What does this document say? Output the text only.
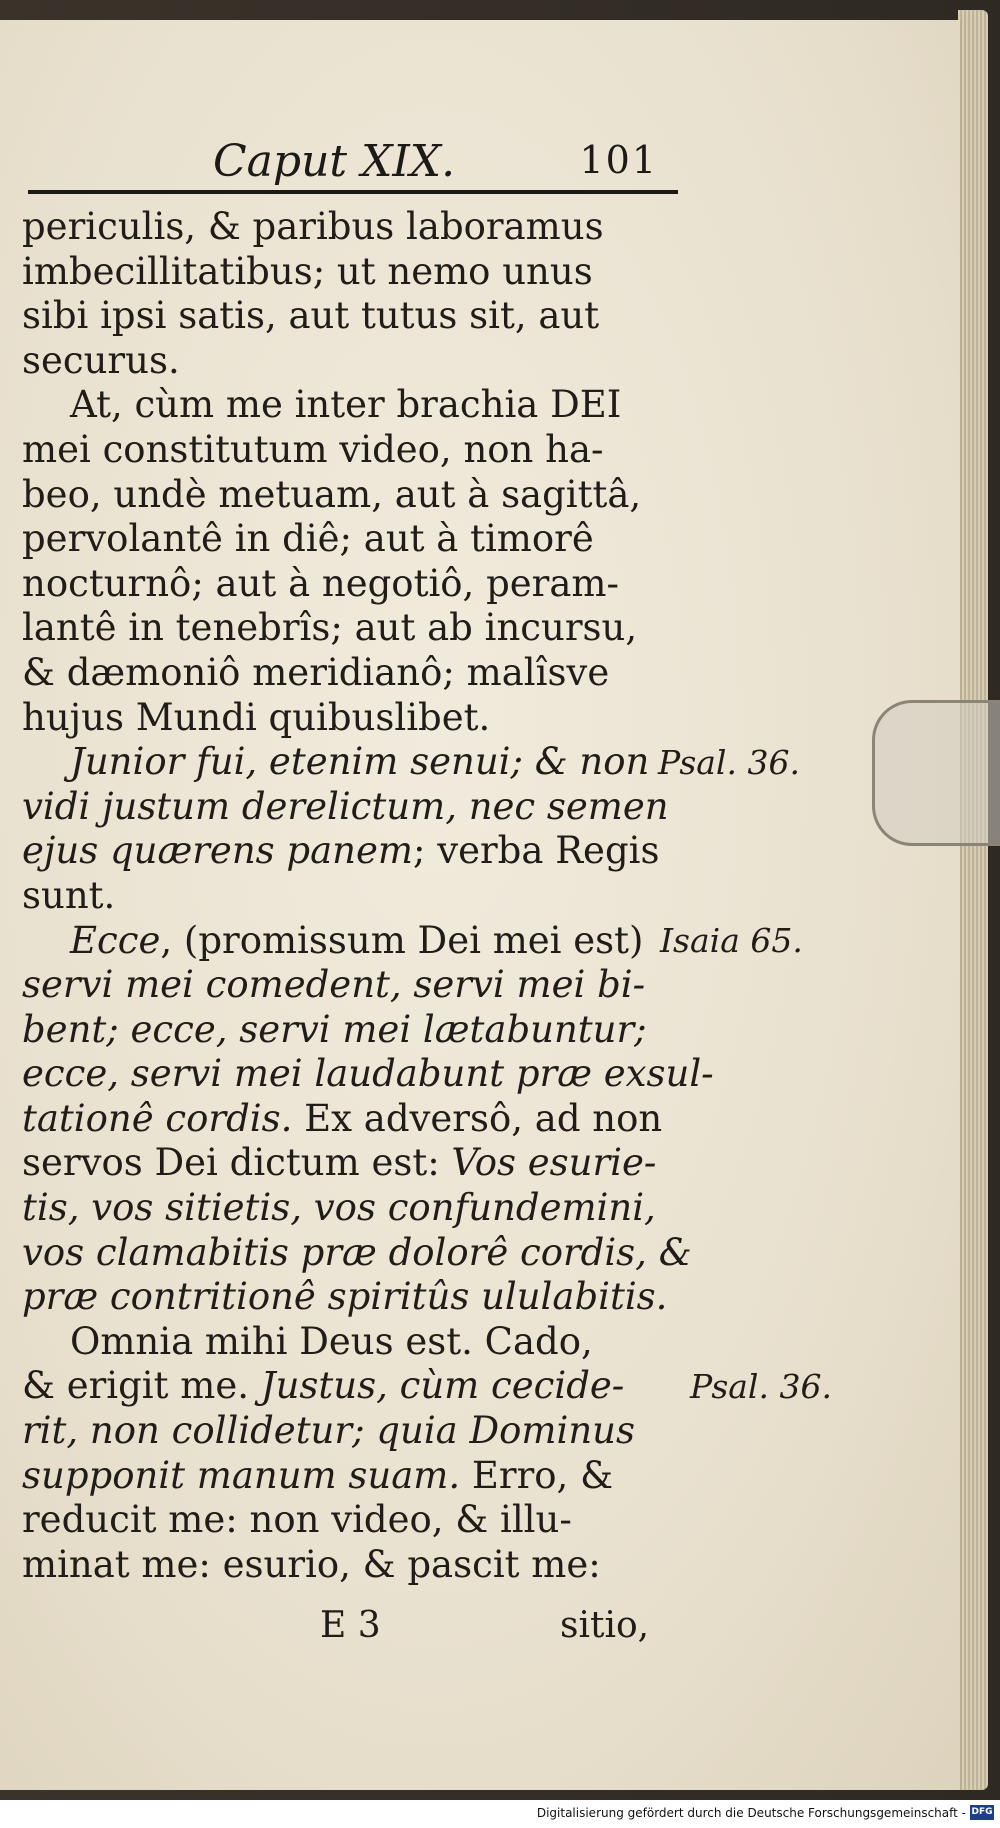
Caput XIX.	101
periculis, & paribus laboramus
imbecillitatibus; ut nemo unus
sibi ipsi satis, aut tutus sit, aut
securus.
At, cùm me inter brachia DEI
mei constitutum video, non ha-
beo, undè metuam, aut à sagittâ,
pervolantê in diê; aut à timorê
nocturnô; aut à negotiô, peram-
lantê in tenebrîs; aut ab incursu,
& dæmoniô meridianô; malîsve
hujus Mundi quibuslibet.
Junior fui, etenim senui; & non
vidi justum derelictum, nec semen
ejus quærens panem; verba Regis
sunt.
Ecce, (promissum Dei mei est)
servi mei comedent, servi mei bi-
bent; ecce, servi mei lætabuntur;
ecce, servi mei laudabunt præ exsul-
tationê cordis. Ex adversô, ad non
servos Dei dictum est: Vos esurie-
tis, vos sitietis, vos confundemini,
vos clamabitis præ dolorê cordis, &
præ contritionê spiritûs ululabitis.
Omnia mihi Deus est. Cado,
& erigit me. Justus, cùm cecide-
rit, non collidetur; quia Dominus
supponit manum suam. Erro, &
reducit me: non video, & illu-
minat me: esurio, & pascit me:
Psal. 36.
Isaia 65.
Psal. 36.
E 3	sitio,
Digitalisierung gefördert durch die Deutsche Forschungsgemeinschaft - DFG
